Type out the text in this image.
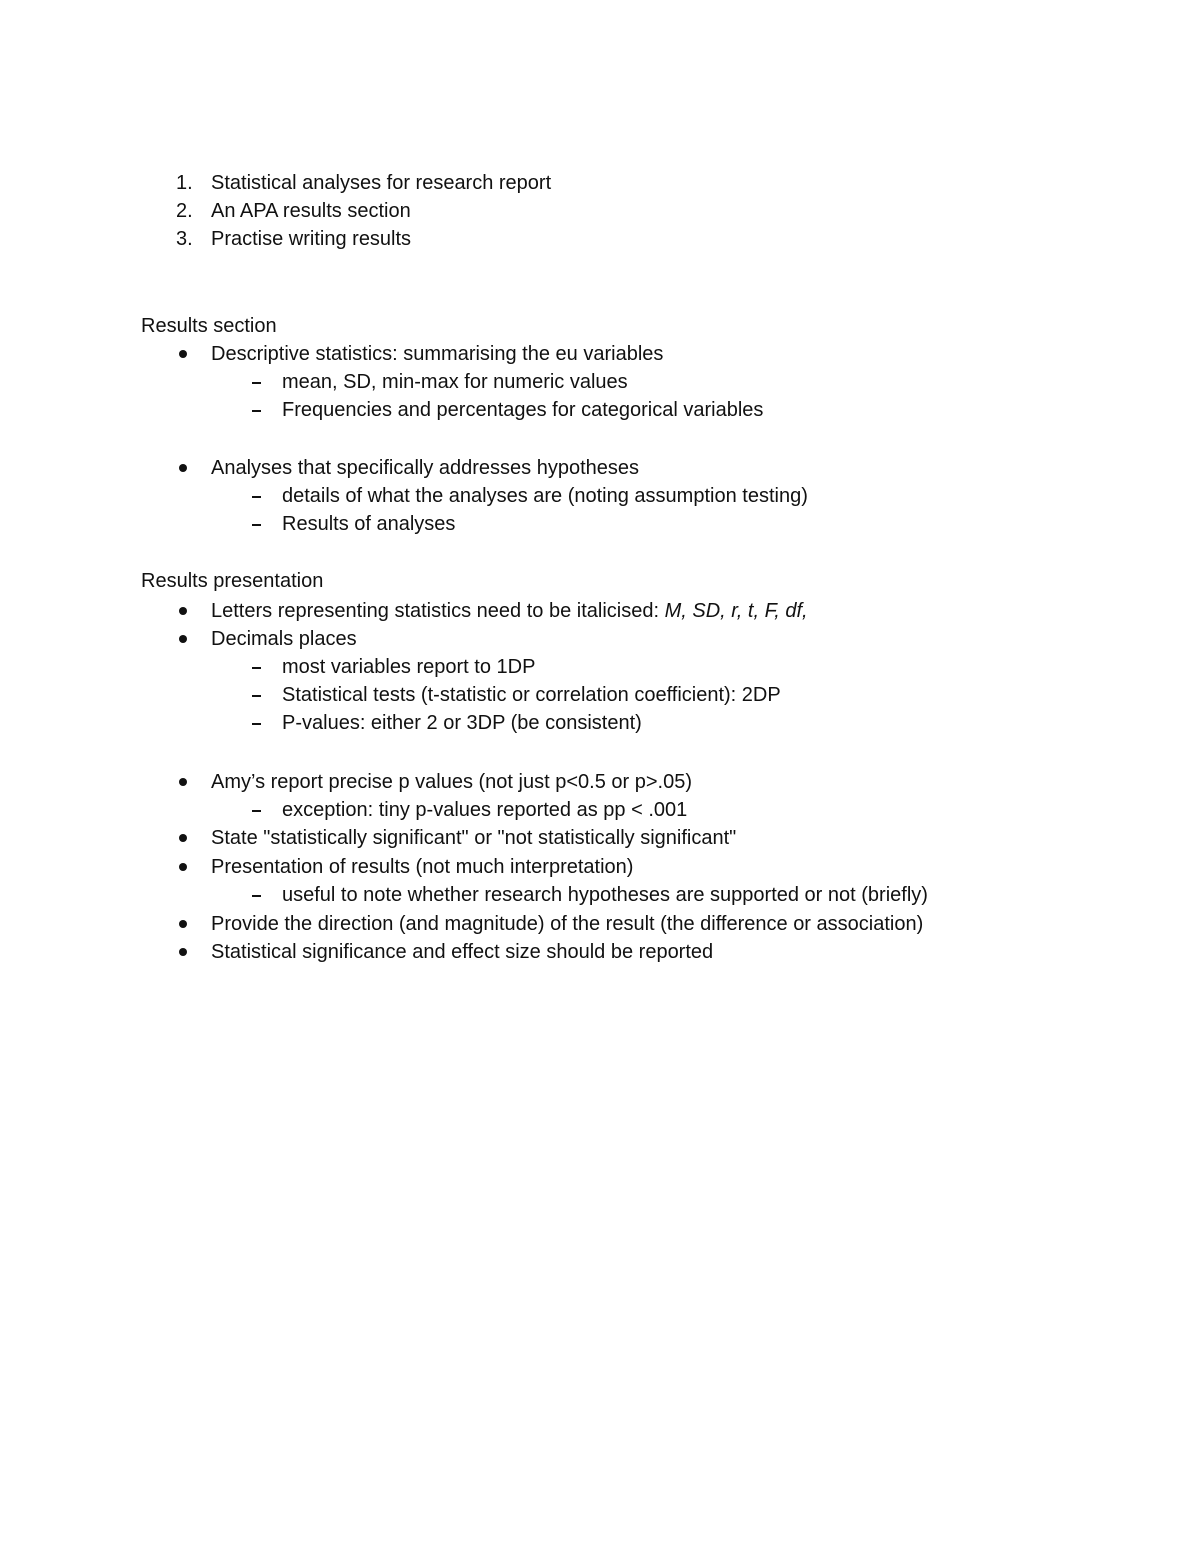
1. Statistical analyses for research report
2. An APA results section
3. Practise writing results
Results section
Descriptive statistics: summarising the eu variables
mean, SD, min-max for numeric values
Frequencies and percentages for categorical variables
Analyses that specifically addresses hypotheses
details of what the analyses are (noting assumption testing)
Results of analyses
Results presentation
Letters representing statistics need to be italicised: M, SD, r, t, F, df,
Decimals places
most variables report to 1DP
Statistical tests (t-statistic or correlation coefficient): 2DP
P-values: either 2 or 3DP (be consistent)
Amy’s report precise p values (not just p<0.5 or p>.05)
exception: tiny p-values reported as pp < .001
State "statistically significant" or "not statistically significant"
Presentation of results (not much interpretation)
useful to note whether research hypotheses are supported or not (briefly)
Provide the direction (and magnitude) of the result (the difference or association)
Statistical significance and effect size should be reported
